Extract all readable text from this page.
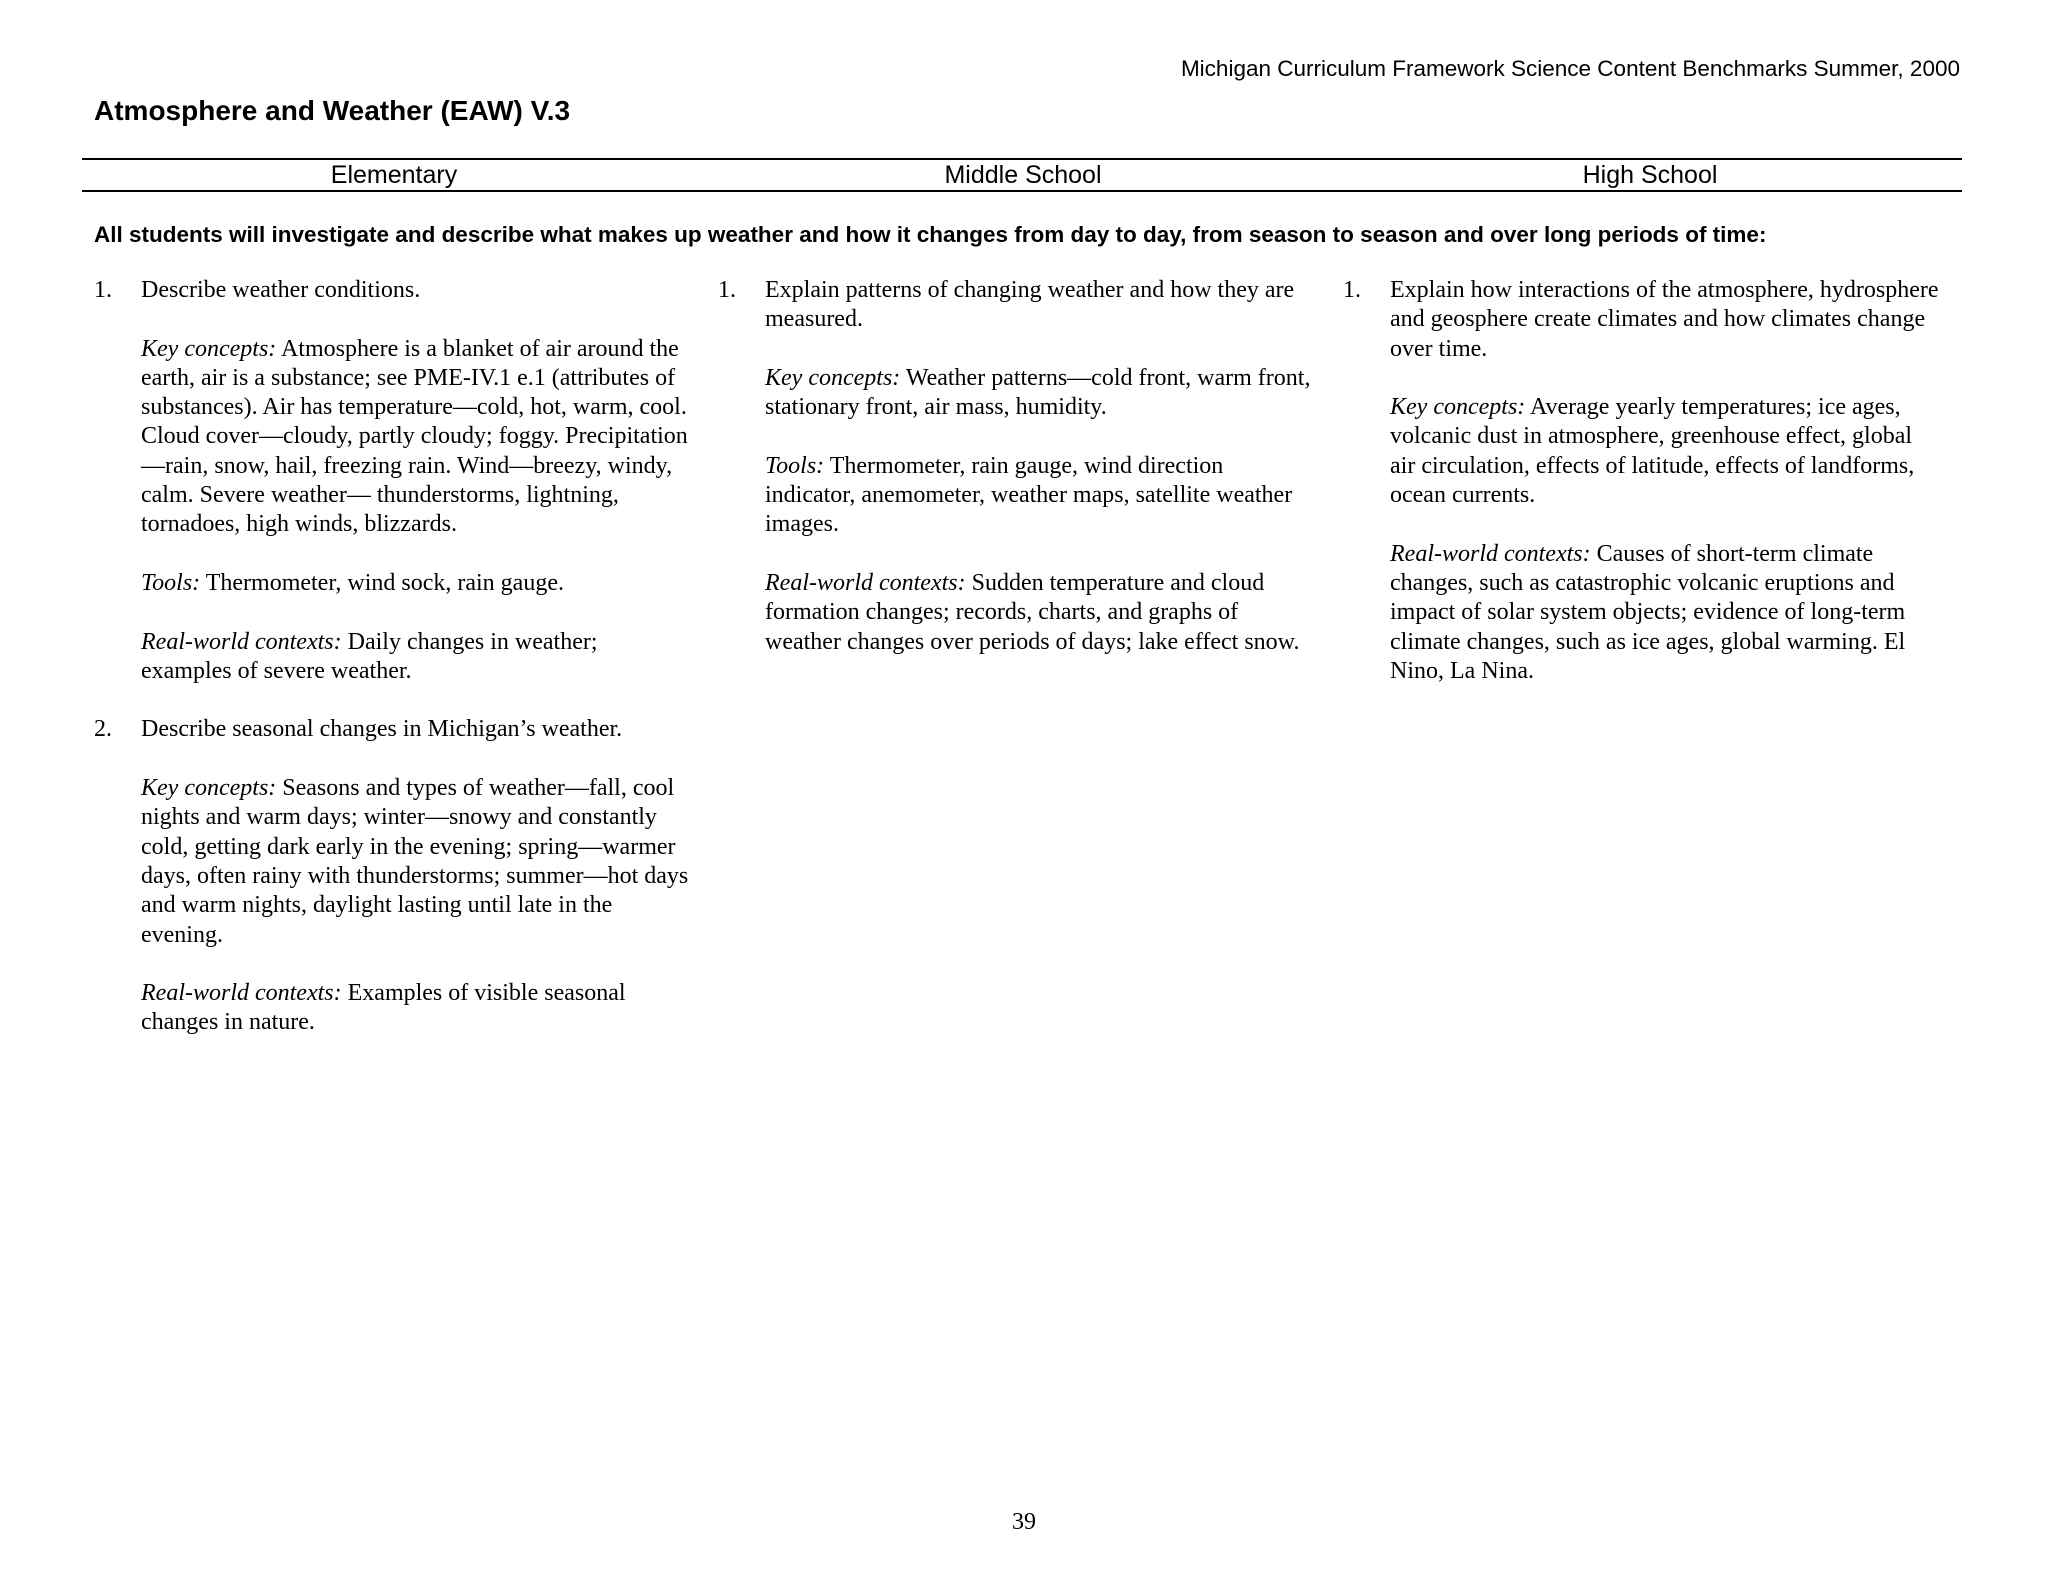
Michigan Curriculum Framework Science Content Benchmarks Summer, 2000
Atmosphere and Weather (EAW) V.3
Elementary	Middle School	High School
All students will investigate and describe what makes up weather and how it changes from day to day, from season to season and over long periods of time:
1. Describe weather conditions.

Key concepts: Atmosphere is a blanket of air around the earth, air is a substance; see PME-IV.1 e.1 (attributes of substances). Air has temperature—cold, hot, warm, cool. Cloud cover—cloudy, partly cloudy; foggy. Precipitation—rain, snow, hail, freezing rain. Wind—breezy, windy, calm. Severe weather— thunderstorms, lightning, tornadoes, high winds, blizzards.

Tools: Thermometer, wind sock, rain gauge.

Real-world contexts: Daily changes in weather; examples of severe weather.

2. Describe seasonal changes in Michigan’s weather.

Key concepts: Seasons and types of weather—fall, cool nights and warm days; winter—snowy and constantly cold, getting dark early in the evening; spring—warmer days, often rainy with thunderstorms; summer—hot days and warm nights, daylight lasting until late in the evening.

Real-world contexts: Examples of visible seasonal changes in nature.

1. Explain patterns of changing weather and how they are measured.

Key concepts: Weather patterns—cold front, warm front, stationary front, air mass, humidity.

Tools: Thermometer, rain gauge, wind direction indicator, anemometer, weather maps, satellite weather images.

Real-world contexts: Sudden temperature and cloud formation changes; records, charts, and graphs of weather changes over periods of days; lake effect snow.

1. Explain how interactions of the atmosphere, hydrosphere and geosphere create climates and how climates change over time.

Key concepts: Average yearly temperatures; ice ages, volcanic dust in atmosphere, greenhouse effect, global air circulation, effects of latitude, effects of landforms, ocean currents.

Real-world contexts: Causes of short-term climate changes, such as catastrophic volcanic eruptions and impact of solar system objects; evidence of long-term climate changes, such as ice ages, global warming. El Nino, La Nina.

39
